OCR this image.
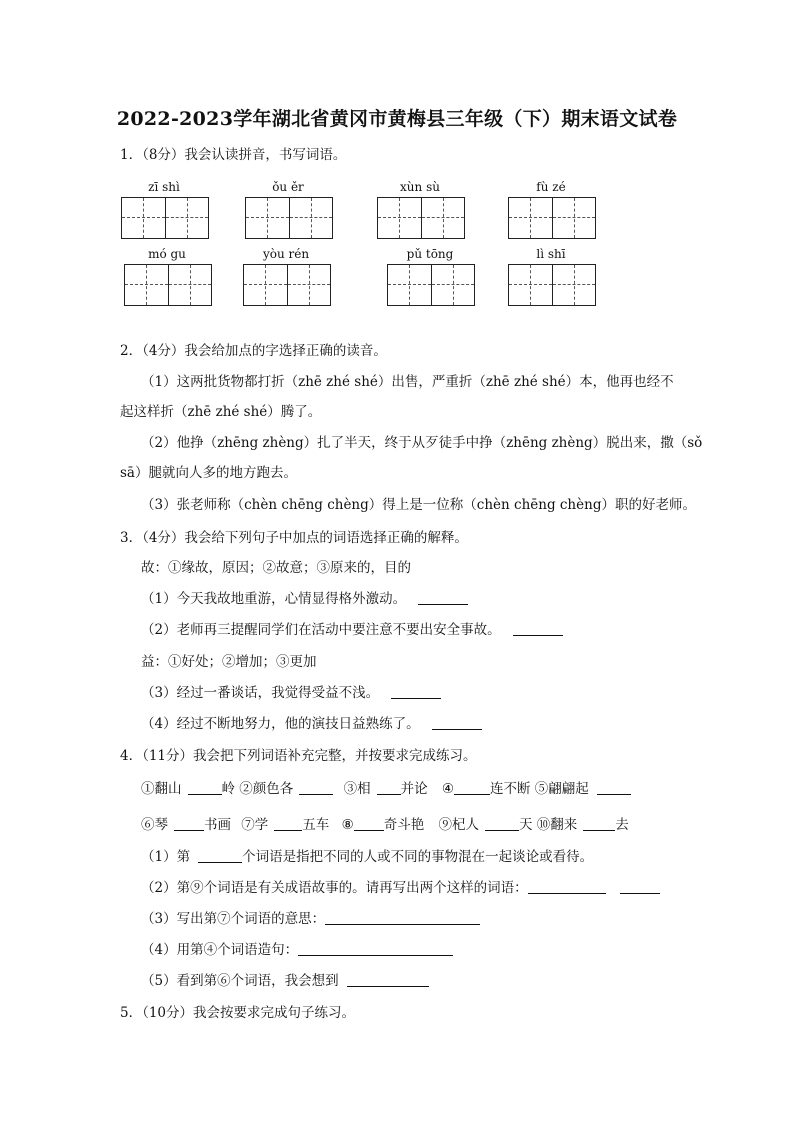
2022-2023学年湖北省黄冈市黄梅县三年级（下）期末语文试卷
1．（8分）我会认读拼音，书写词语。
zī shì	ǒu ěr	xùn sù	fù zé
mó gu	yòu rén	pǔ tōng	lì shī
2．（4分）我会给加点的字选择正确的读音。
（1）这两批货物都打折（zhē zhé shé）出售，严重折（zhē zhé shé）本，他再也经不
起这样折（zhē zhé shé）腾了。
（2）他挣（zhēng zhèng）扎了半天，终于从歹徒手中挣（zhēng zhèng）脱出来，撒（sǒ
sā）腿就向人多的地方跑去。
（3）张老师称（chèn chēng chèng）得上是一位称（chèn chēng chèng）职的好老师。
3．（4分）我会给下列句子中加点的词语选择正确的解释。
故：①缘故，原因；②故意；③原来的，目的
（1）今天我故地重游，心情显得格外激动。
（2）老师再三提醒同学们在活动中要注意不要出安全事故。
益：①好处；②增加；③更加
（3）经过一番谈话，我觉得受益不浅。
（4）经过不断地努力，他的演技日益熟练了。
4．（11分）我会把下列词语补充完整，并按要求完成练习。
①翻山	岭 ②颜色各	③相 并论 ④	连不断 ⑤翩翩起
⑥琴	书画 ⑦学	五车 ⑧ 奇斗艳 ⑨杞人	天 ⑩翻来	去
（1）第	个词语是指把不同的人或不同的事物混在一起谈论或看待。
（2）第⑨个词语是有关成语故事的。请再写出两个这样的词语：
（3）写出第⑦个词语的意思：
（4）用第④个词语造句：
（5）看到第⑥个词语，我会想到
5．（10分）我会按要求完成句子练习。
